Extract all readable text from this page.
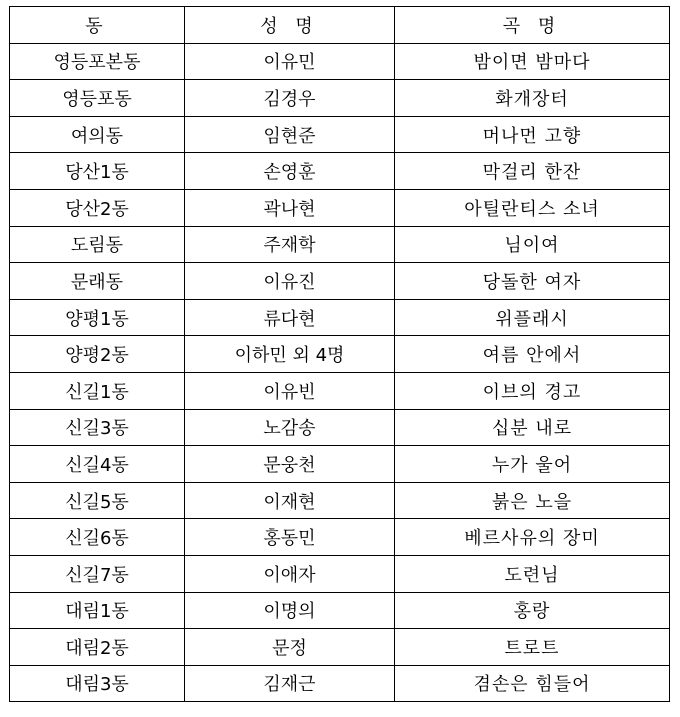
동	성 명	곡 명
영등포본동	이유민	밤이면 밤마다
영등포동	김경우	화개장터
여의동	임현준	머나먼 고향
당산1동	손영훈	막걸리 한잔
당산2동	곽나현	아틸란티스 소녀
도림동	주재학	님이여
문래동	이유진	당돌한 여자
양평1동	류다현	위플래시
양평2동	이하민 외 4명	여름 안에서
신길1동	이유빈	이브의 경고
신길3동	노감송	십분 내로
신길4동	문웅천	누가 울어
신길5동	이재현	붉은 노을
신길6동	홍동민	베르사유의 장미
신길7동	이애자	도련님
대림1동	이명의	홍랑
대림2동	문정	트로트
대림3동	김재근	겸손은 힘들어
